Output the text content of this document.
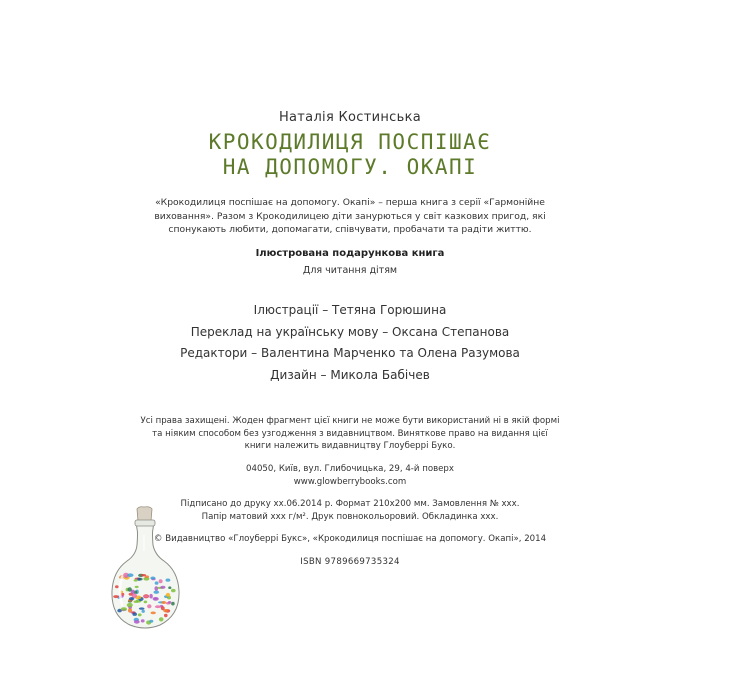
Наталія Костинська
КРОКОДИЛИЦЯ ПОСПІШАЄ
НА ДОПОМОГУ. ОКАПІ
«Крокодилиця поспішає на допомогу. Окапі» – перша книга з серії «Гармонійне виховання». Разом з Крокодилицею діти занурються у світ казкових пригод, які спонукають любити, допомагати, співчувати, пробачати та радіти життю.
Ілюстрована подарункова книга
Для читання дітям
Ілюстрації – Тетяна Горюшина
Переклад на українську мову – Оксана Степанова
Редактори – Валентина Марченко та Олена Разумова
Дизайн – Микола Бабічев
Усі права захищені. Жоден фрагмент цієї книги не може бути використаний ні в якій формі та ніяким способом без узгодження з видавництвом. Виняткове право на видання цієї книги належить видавництву Глоуберрі Буко.
04050, Київ, вул. Глибочицька, 29, 4-й поверх
www.glowberrybooks.com
Підписано до друку xx.06.2014 р. Формат 210х200 мм. Замовлення № xxx.
Папір матовий xxx г/м². Друк повнокольоровий. Обкладинка xxx.
© Видавництво «Глоуберрі Букс», «Крокодилиця поспішає на допомогу. Окапі», 2014
ISBN 9789669735324
